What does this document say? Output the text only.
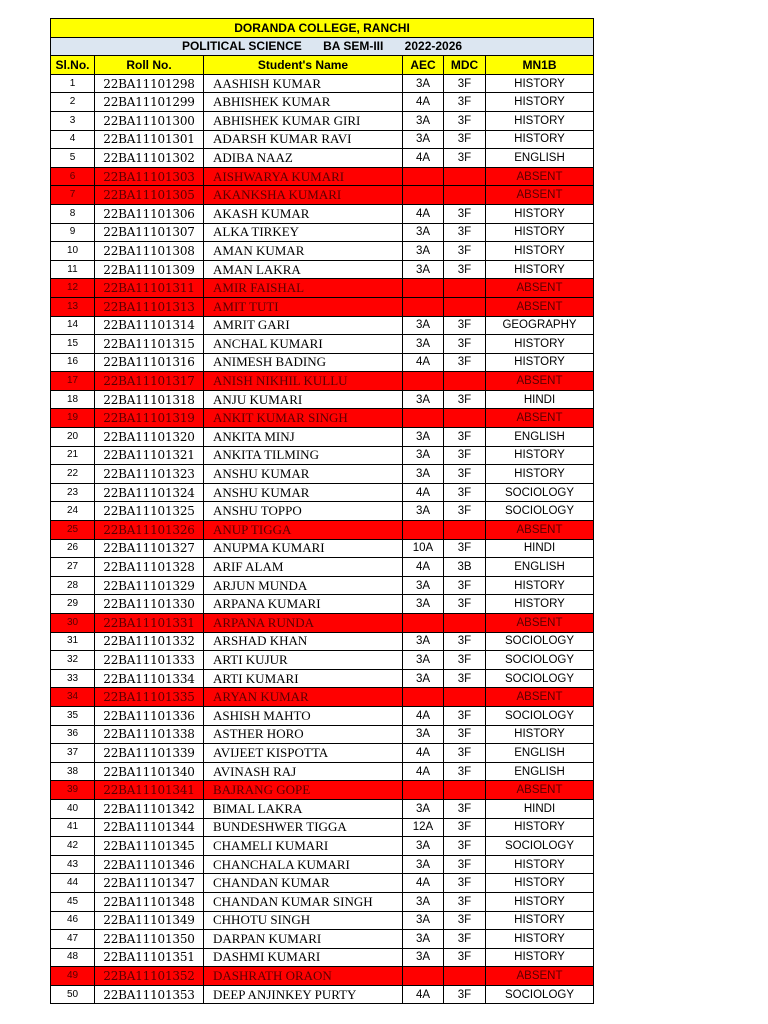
DORANDA COLLEGE, RANCHI					
POLITICAL SCIENCE BA SEM-III 2022-2026					
Sl.No.	Roll No.	Student's Name	AEC	MDC	MN1B
1	22BA11101298	AASHISH KUMAR	3A	3F	HISTORY
2	22BA11101299	ABHISHEK KUMAR	4A	3F	HISTORY
3	22BA11101300	ABHISHEK KUMAR GIRI	3A	3F	HISTORY
4	22BA11101301	ADARSH KUMAR RAVI	3A	3F	HISTORY
5	22BA11101302	ADIBA NAAZ	4A	3F	ENGLISH
6	22BA11101303	AISHWARYA KUMARI			ABSENT
7	22BA11101305	AKANKSHA KUMARI			ABSENT
8	22BA11101306	AKASH KUMAR	4A	3F	HISTORY
9	22BA11101307	ALKA TIRKEY	3A	3F	HISTORY
10	22BA11101308	AMAN KUMAR	3A	3F	HISTORY
11	22BA11101309	AMAN LAKRA	3A	3F	HISTORY
12	22BA11101311	AMIR FAISHAL			ABSENT
13	22BA11101313	AMIT TUTI			ABSENT
14	22BA11101314	AMRIT GARI	3A	3F	GEOGRAPHY
15	22BA11101315	ANCHAL KUMARI	3A	3F	HISTORY
16	22BA11101316	ANIMESH BADING	4A	3F	HISTORY
17	22BA11101317	ANISH NIKHIL KULLU			ABSENT
18	22BA11101318	ANJU KUMARI	3A	3F	HINDI
19	22BA11101319	ANKIT KUMAR SINGH			ABSENT
20	22BA11101320	ANKITA MINJ	3A	3F	ENGLISH
21	22BA11101321	ANKITA TILMING	3A	3F	HISTORY
22	22BA11101323	ANSHU KUMAR	3A	3F	HISTORY
23	22BA11101324	ANSHU KUMAR	4A	3F	SOCIOLOGY
24	22BA11101325	ANSHU TOPPO	3A	3F	SOCIOLOGY
25	22BA11101326	ANUP TIGGA			ABSENT
26	22BA11101327	ANUPMA KUMARI	10A	3F	HINDI
27	22BA11101328	ARIF ALAM	4A	3B	ENGLISH
28	22BA11101329	ARJUN MUNDA	3A	3F	HISTORY
29	22BA11101330	ARPANA KUMARI	3A	3F	HISTORY
30	22BA11101331	ARPANA RUNDA			ABSENT
31	22BA11101332	ARSHAD KHAN	3A	3F	SOCIOLOGY
32	22BA11101333	ARTI KUJUR	3A	3F	SOCIOLOGY
33	22BA11101334	ARTI KUMARI	3A	3F	SOCIOLOGY
34	22BA11101335	ARYAN KUMAR			ABSENT
35	22BA11101336	ASHISH MAHTO	4A	3F	SOCIOLOGY
36	22BA11101338	ASTHER HORO	3A	3F	HISTORY
37	22BA11101339	AVIJEET KISPOTTA	4A	3F	ENGLISH
38	22BA11101340	AVINASH RAJ	4A	3F	ENGLISH
39	22BA11101341	BAJRANG GOPE			ABSENT
40	22BA11101342	BIMAL LAKRA	3A	3F	HINDI
41	22BA11101344	BUNDESHWER TIGGA	12A	3F	HISTORY
42	22BA11101345	CHAMELI KUMARI	3A	3F	SOCIOLOGY
43	22BA11101346	CHANCHALA KUMARI	3A	3F	HISTORY
44	22BA11101347	CHANDAN KUMAR	4A	3F	HISTORY
45	22BA11101348	CHANDAN KUMAR SINGH	3A	3F	HISTORY
46	22BA11101349	CHHOTU SINGH	3A	3F	HISTORY
47	22BA11101350	DARPAN KUMARI	3A	3F	HISTORY
48	22BA11101351	DASHMI KUMARI	3A	3F	HISTORY
49	22BA11101352	DASHRATH ORAON			ABSENT
50	22BA11101353	DEEP ANJINKEY PURTY	4A	3F	SOCIOLOGY
